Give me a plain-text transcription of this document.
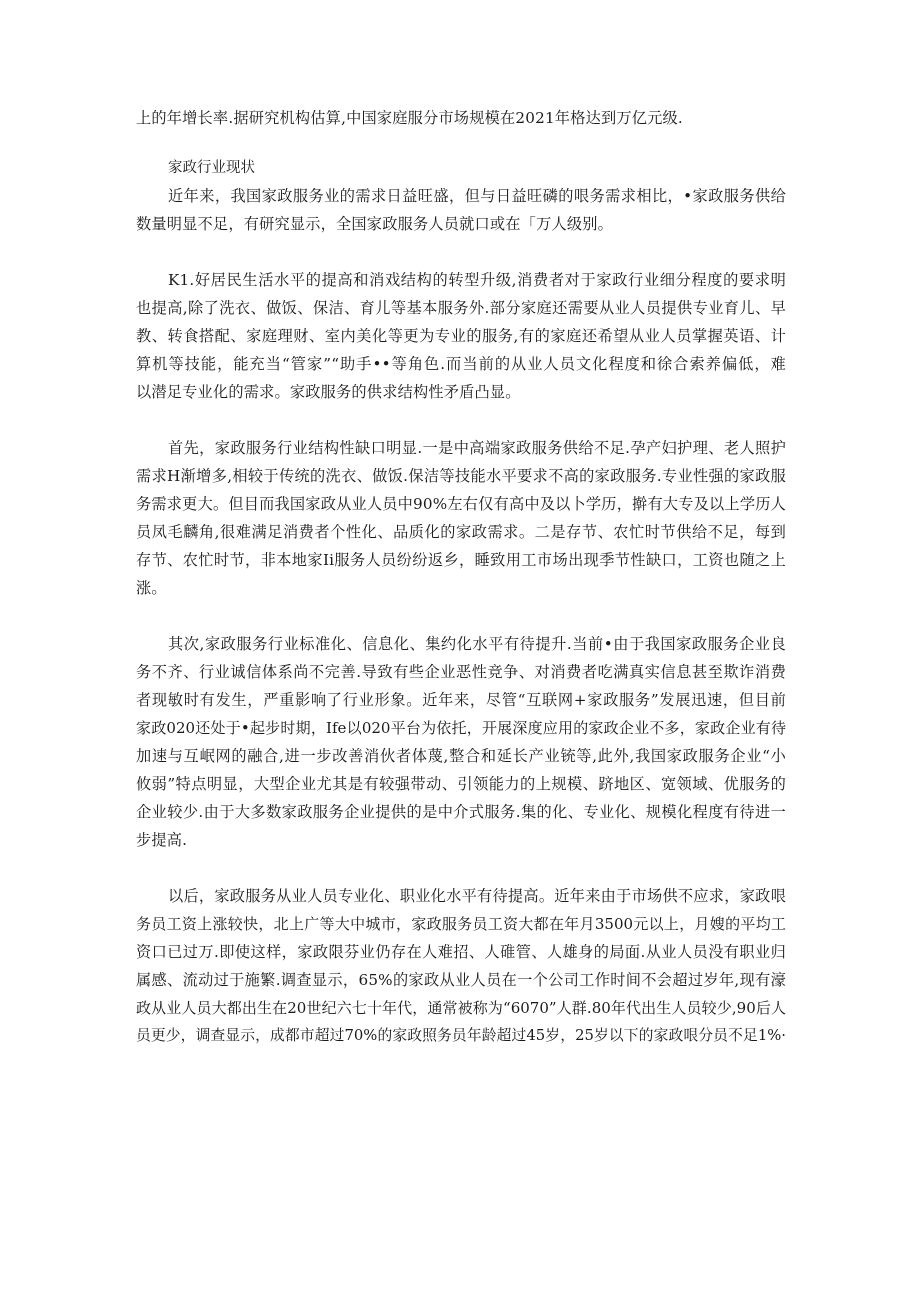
上的年增长率.据研究机构估算,中国家庭服分市场规模在2021年格达到万亿元级.
家政行业现状
近年来，我国家政服务业的需求日益旺盛，但与日益旺磷的哏务需求相比，•家政服务供给
数量明显不足，有研究显示，全国家政服务人员就口或在「万人级别。
K1.好居民生活水平的提高和消戏结构的转型升级,消费者对于家政行业细分程度的要求明
也提高,除了洗衣、做饭、保洁、育儿等基本服务外.部分家庭还需要从业人员提供专业育儿、早
教、转食搭配、家庭理财、室内美化等更为专业的服务,有的家庭还希望从业人员掌握英语、计
算机等技能，能充当“管家”“助手••等角色.而当前的从业人员文化程度和徐合索养偏低，难
以潜足专业化的需求。家政服务的供求结构性矛盾凸显。
首先，家政服务行业结构性缺口明显.一是中高端家政服务供给不足.孕产妇护理、老人照护
需求H渐增多,相较于传统的洗衣、做饭.保洁等技能水平要求不高的家政服务.专业性强的家政服
务需求更大。但目而我国家政从业人员中90%左右仅有高中及以卜学历，擀有大专及以上学历人
员凤毛麟角,很难满足消费者个性化、品质化的家政需求。二是存节、农忙时节供给不足，每到
存节、农忙时节，非本地家Ii服务人员纷纷返乡，睡致用工市场出现季节性缺口，工资也随之上
涨。
其次,家政服务行业标准化、信息化、集约化水平有待提升.当前•由于我国家政服务企业良
务不齐、行业诚信体系尚不完善.导致有些企业恶性竞争、对消费者吃满真实信息甚至欺诈消费
者现敏时有发生，严重影响了行业形象。近年来，尽管“互联网+家政服务”发展迅速，但目前
家政020还处于•起步时期，Ife以020平台为依托，开展深度应用的家政企业不多，家政企业有待
加速与互岷网的融合,进一步改善消伙者体蔑,整合和延长产业铳等,此外,我国家政服务企业“小
攸弱”特点明显，大型企业尤其是有较强带动、引领能力的上规模、跻地区、宽领域、优服务的
企业较少.由于大多数家政服务企业提供的是中介式服务.集的化、专业化、规模化程度有待进一
步提高.
以后，家政服务从业人员专业化、职业化水平有待提高。近年来由于市场供不应求，家政哏
务员工资上涨较快，北上广等大中城市，家政服务员工资大都在年月3500元以上，月嫂的平均工
资口已过万.即使这样，家政限芬业仍存在人难招、人碓管、人雄身的局面.从业人员没有职业归
属感、流动过于施繁.调查显示，65%的家政从业人员在一个公司工作时间不会超过岁年,现有濠
政从业人员大都出生在20世纪六七十年代，通常被称为“6070”人群.80年代出生人员较少,90后人
员更少，调查显示，成都市超过70%的家政照务员年龄超过45岁，25岁以下的家政哏分员不足1%·
